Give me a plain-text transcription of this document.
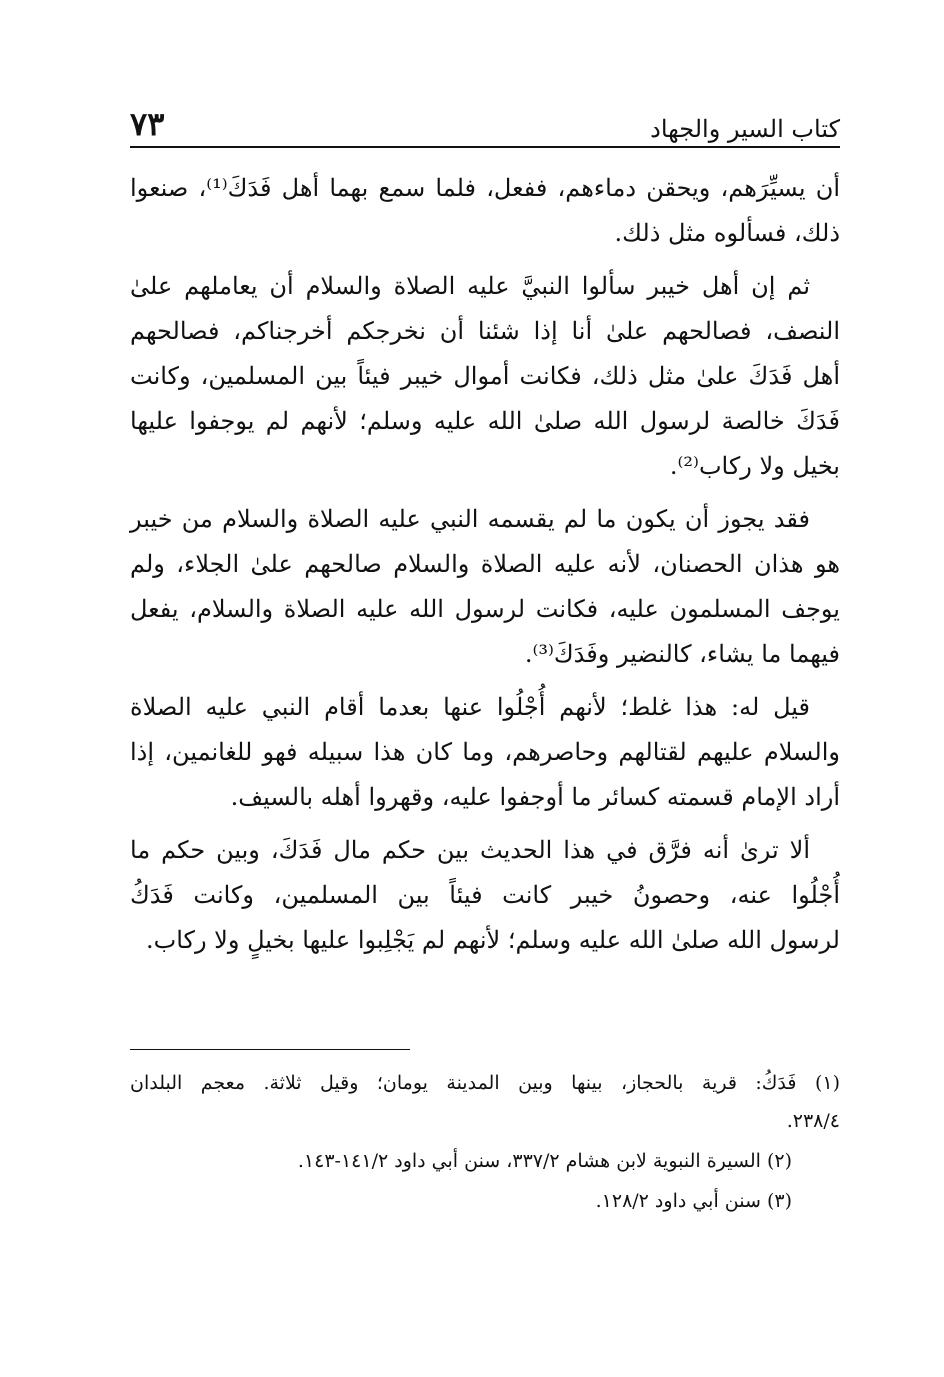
كتاب السير والجهاد
٧٣

أن يسيِّرَهم، ويحقن دماءهم، ففعل، فلما سمع بهما أهل فَدَكَ⁽¹⁾، صنعوا
ذلك، فسألوه مثل ذلك.

ثم إن أهل خيبر سألوا النبيَّ عليه الصلاة والسلام أن يعاملهم علىٰ
النصف، فصالحهم علىٰ أنا إذا شئنا أن نخرجكم أخرجناكم، فصالحهم
أهل فَدَكَ علىٰ مثل ذلك، فكانت أموال خيبر فيئاً بين المسلمين، وكانت
فَدَكَ خالصة لرسول الله صلىٰ الله عليه وسلم؛ لأنهم لم يوجفوا عليها
بخيل ولا ركاب⁽²⁾.

فقد يجوز أن يكون ما لم يقسمه النبي عليه الصلاة والسلام من خيبر
هو هذان الحصنان، لأنه عليه الصلاة والسلام صالحهم علىٰ الجلاء، ولم
يوجف المسلمون عليه، فكانت لرسول الله عليه الصلاة والسلام، يفعل
فيهما ما يشاء، كالنضير وفَدَكَ⁽³⁾.

قيل له: هذا غلط؛ لأنهم أُجْلُوا عنها بعدما أقام النبي عليه الصلاة
والسلام عليهم لقتالهم وحاصرهم، وما كان هذا سبيله فهو للغانمين، إذا
أراد الإمام قسمته كسائر ما أوجفوا عليه، وقهروا أهله بالسيف.

ألا ترىٰ أنه فرَّق في هذا الحديث بين حكم مال فَدَكَ، وبين حكم ما
أُجْلُوا عنه، وحصونُ خيبر كانت فيئاً بين المسلمين، وكانت فَدَكُ
لرسول الله صلىٰ الله عليه وسلم؛ لأنهم لم يَجْلِبوا عليها بخيلٍ ولا ركاب.

(١) فَدَكُ: قرية بالحجاز، بينها وبين المدينة يومان؛ وقيل ثلاثة. معجم البلدان
٢٣٨/٤.
(٢) السيرة النبوية لابن هشام ٣٣٧/٢، سنن أبي داود ١٤١/٢-١٤٣.
(٣) سنن أبي داود ١٢٨/٢.
